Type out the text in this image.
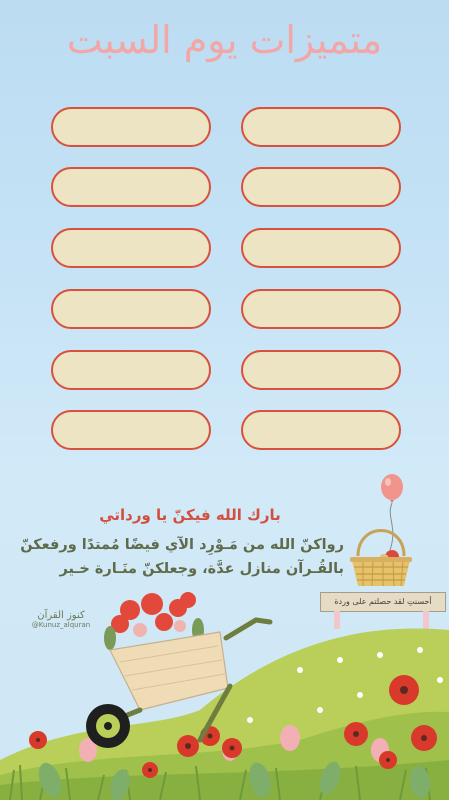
متميزات يوم السبت
أحسنتِ لقد حصلتم على وردة
بارك الله فيكنّ يا ورداتي
رواكنّ الله من مَـوْرِد الآي فيضًا مُمتدًا ورفعكنّ
بالقُـرآن منازل عدَّة، وجعلكنّ منَـارة خـير
كنوز القرآن
@Kunuz_alquran
